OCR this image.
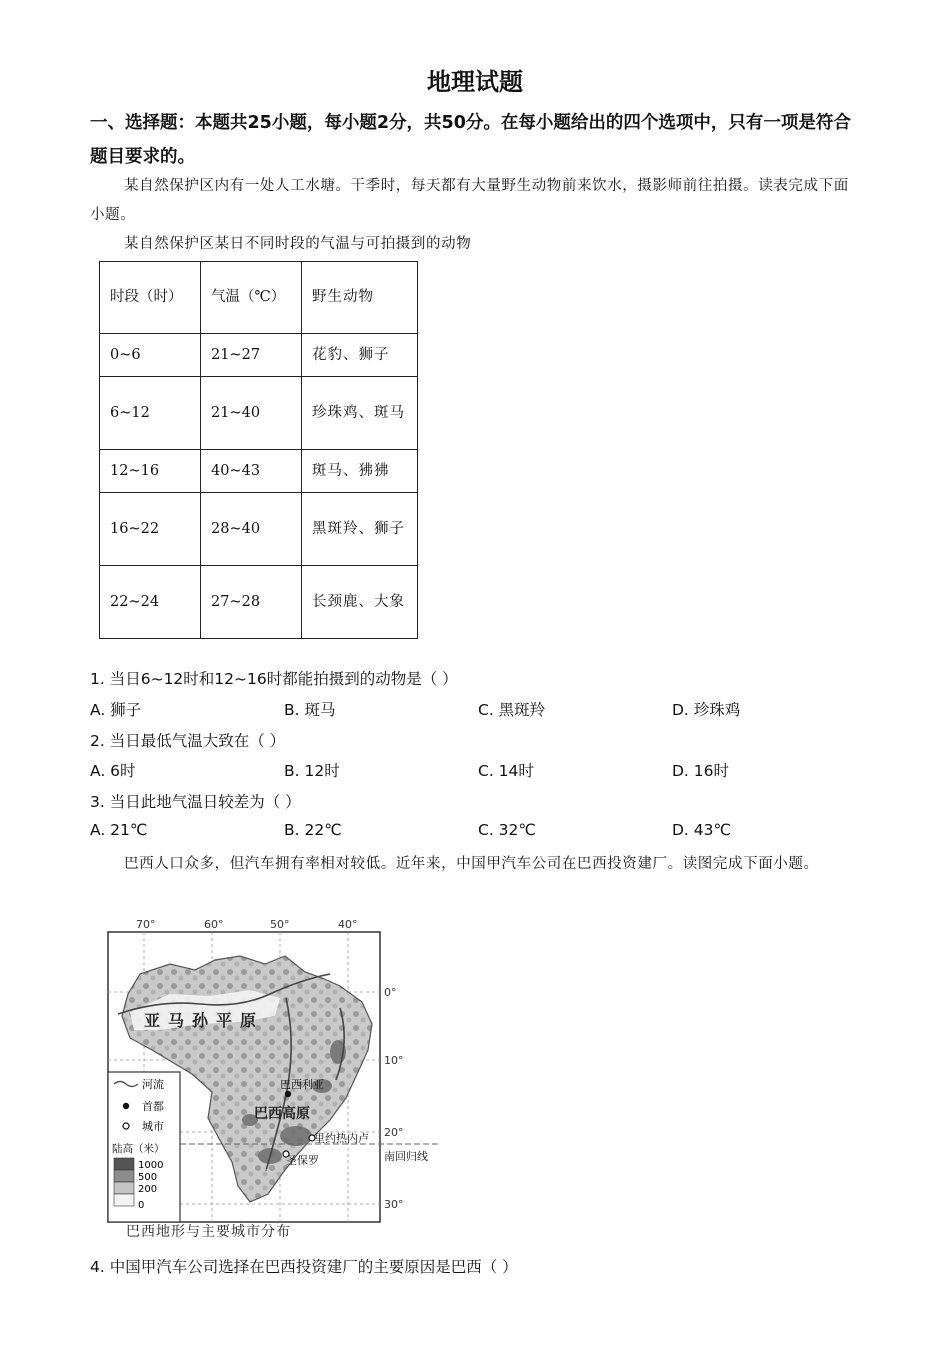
地理试题
一、选择题：本题共25小题，每小题2分，共50分。在每小题给出的四个选项中，只有一项是符合题目要求的。
某自然保护区内有一处人工水塘。干季时，每天都有大量野生动物前来饮水，摄影师前往拍摄。读表完成下面小题。
某自然保护区某日不同时段的气温与可拍摄到的动物
时段（时）	气温（℃）	野生动物
0~6	21~27	花豹、狮子
6~12	21~40	珍珠鸡、斑马
12~16	40~43	斑马、狒狒
16~22	28~40	黑斑羚、狮子
22~24	27~28	长颈鹿、大象
1. 当日6~12时和12~16时都能拍摄到的动物是（ ）
A. 狮子	B. 斑马	C. 黑斑羚	D. 珍珠鸡
2. 当日最低气温大致在（ ）
A. 6时	B. 12时	C. 14时	D. 16时
3. 当日此地气温日较差为（ ）
A. 21℃	B. 22℃	C. 32℃	D. 43℃
巴西人口众多，但汽车拥有率相对较低。近年来，中国甲汽车公司在巴西投资建厂。读图完成下面小题。
70°	60°	50°	40°
0°
10°
20°
30°
亚马孙平原
巴西高原
巴西利亚
里约热内卢
圣保罗	南回归线
河流
首都
城市
陆高（米）
1000
500
200
0
巴西地形与主要城市分布
4. 中国甲汽车公司选择在巴西投资建厂的主要原因是巴西（ ）
